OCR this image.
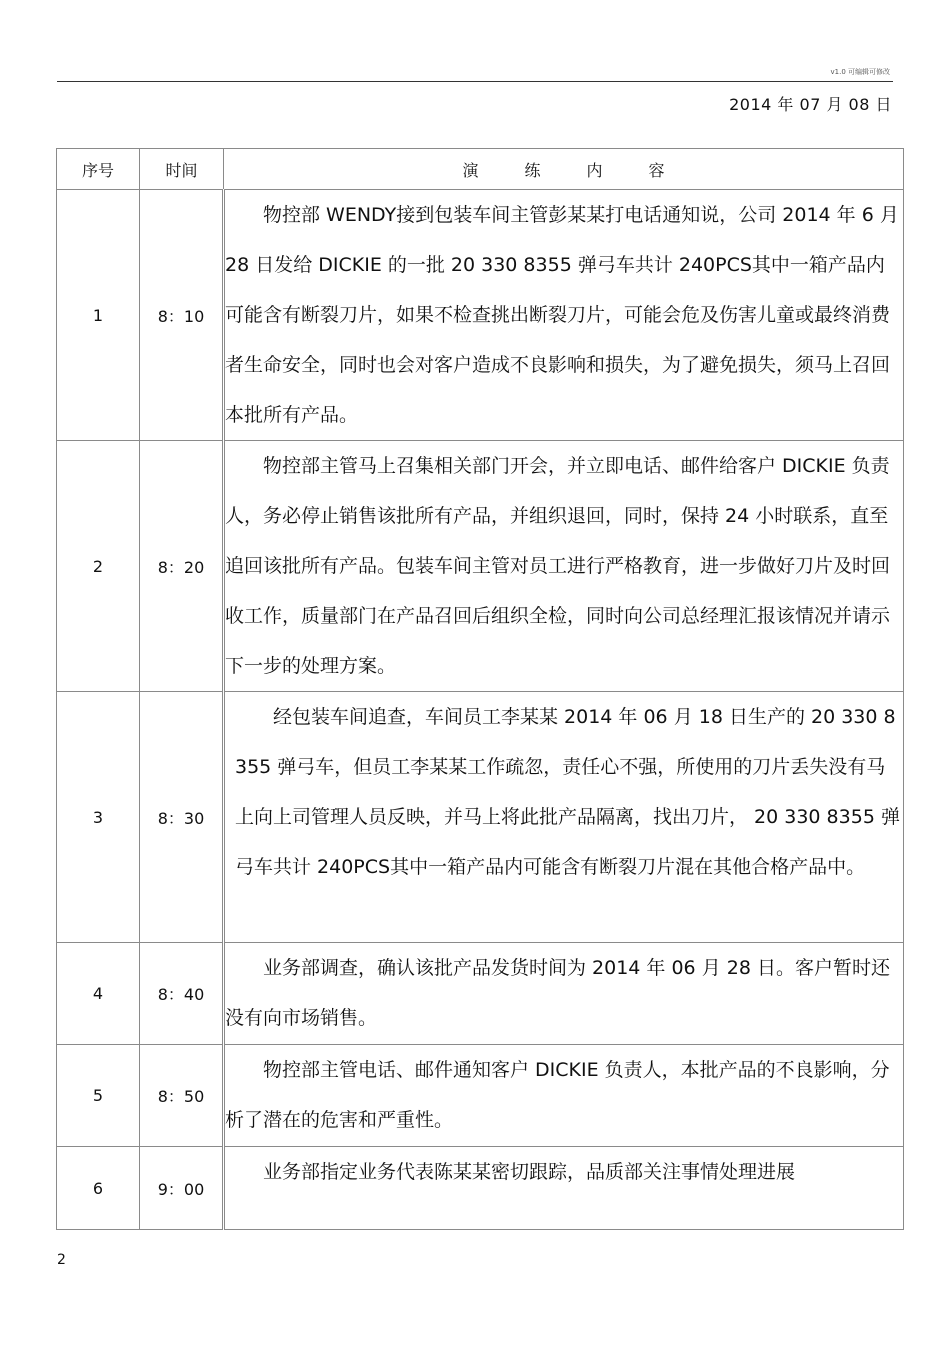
v1.0 可编辑可修改
2014 年 07 月 08 日
序号	时间	演练内容
1	8：10	物控部 WENDY接到包装车间主管彭某某打电话通知说，公司 2014 年 6 月 28 日发给 DICKIE 的一批 20 330 8355 弹弓车共计 240PCS其中一箱产品内可能含有断裂刀片，如果不检查挑出断裂刀片，可能会危及伤害儿童或最终消费者生命安全，同时也会对客户造成不良影响和损失，为了避免损失，须马上召回本批所有产品。

2	8：20	物控部主管马上召集相关部门开会，并立即电话、邮件给客户 DICKIE 负责人，务必停止销售该批所有产品，并组织退回，同时，保持 24 小时联系，直至追回该批所有产品。包装车间主管对员工进行严格教育，进一步做好刀片及时回收工作，质量部门在产品召回后组织全检，同时向公司总经理汇报该情况并请示下一步的处理方案。

3	8：30	经包装车间追查，车间员工李某某 2014 年 06 月 18 日生产的 20 330 8355 弹弓车，但员工李某某工作疏忽，责任心不强，所使用的刀片丢失没有马上向上司管理人员反映，并马上将此批产品隔离，找出刀片， 20 330 8355 弹弓车共计 240PCS其中一箱产品内可能含有断裂刀片混在其他合格产品中。

4	8：40	业务部调查，确认该批产品发货时间为 2014 年 06 月 28 日。客户暂时还没有向市场销售。

5	8：50	物控部主管电话、邮件通知客户 DICKIE 负责人，本批产品的不良影响，分析了潜在的危害和严重性。

6	9：00	业务部指定业务代表陈某某密切跟踪，品质部关注事情处理进展
2
